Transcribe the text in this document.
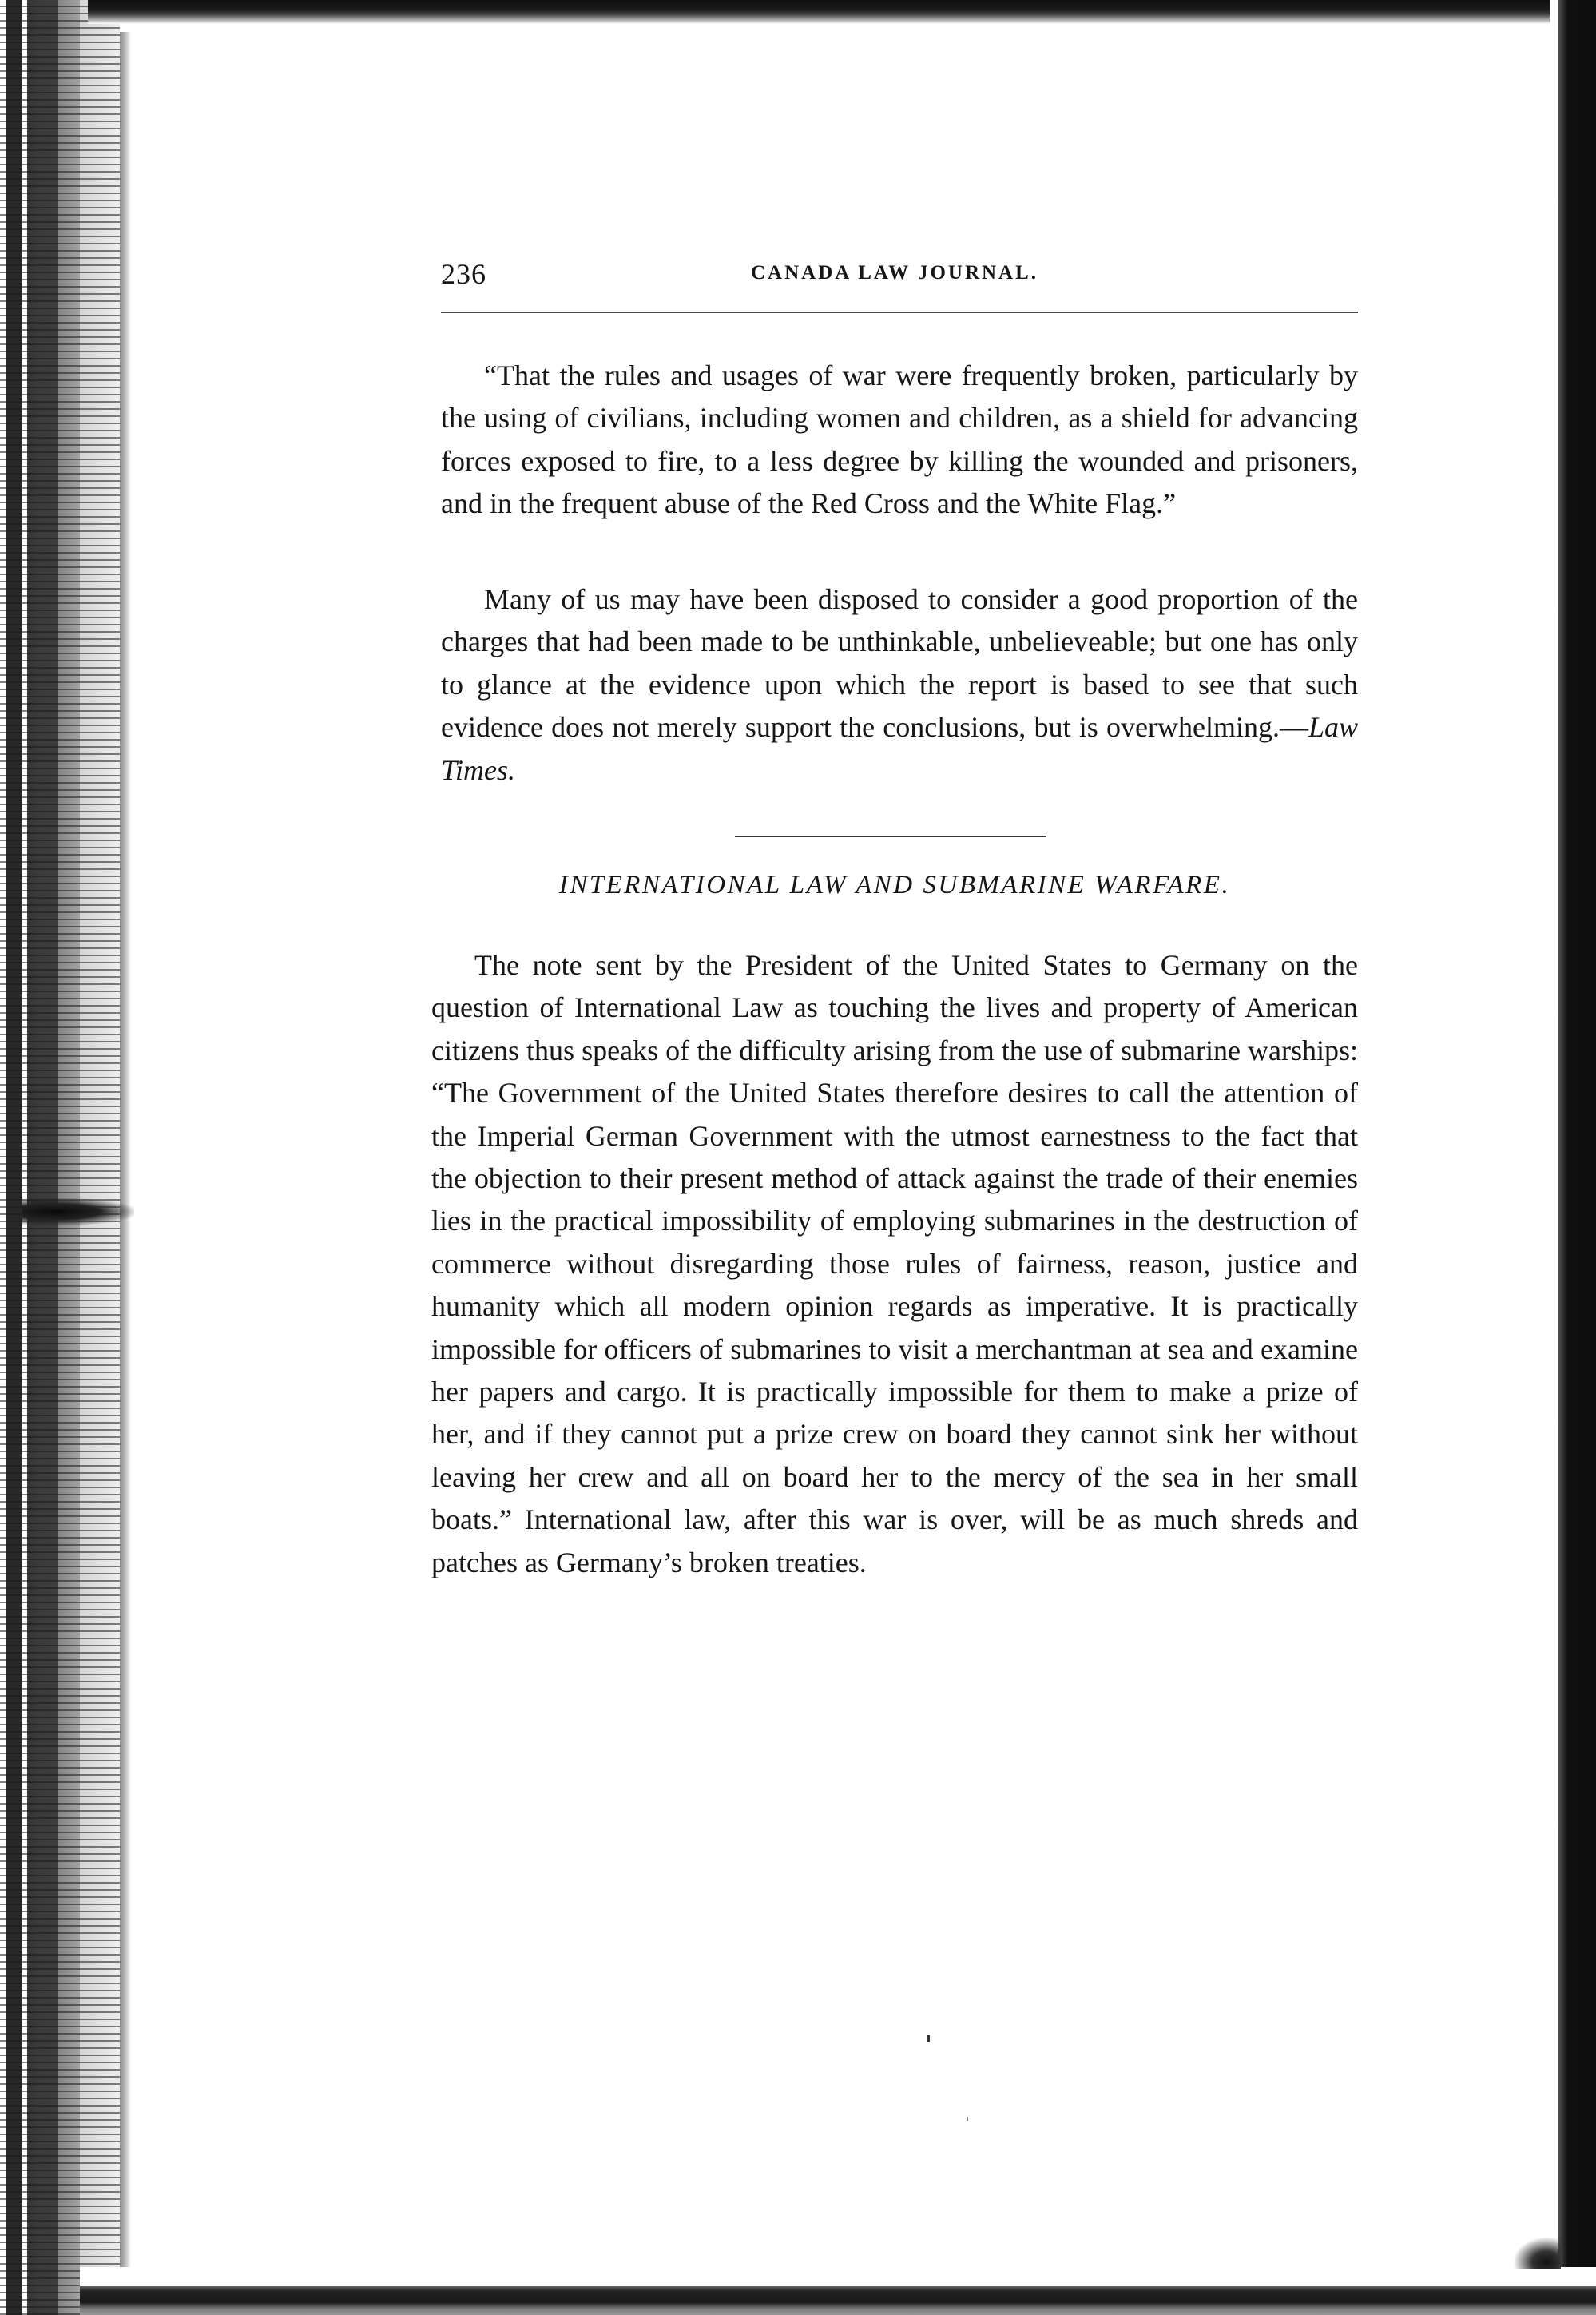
236	CANADA LAW JOURNAL.

“That the rules and usages of war were frequently broken, particularly by the using of civilians, including women and children, as a shield for advancing forces exposed to fire, to a less degree by killing the wounded and prisoners, and in the frequent abuse of the Red Cross and the White Flag.”

Many of us may have been disposed to consider a good proportion of the charges that had been made to be unthinkable, unbelieveable; but one has only to glance at the evidence upon which the report is based to see that such evidence does not merely support the conclusions, but is overwhelming.—Law Times.

INTERNATIONAL LAW AND SUBMARINE WARFARE.

The note sent by the President of the United States to Germany on the question of International Law as touching the lives and property of American citizens thus speaks of the difficulty arising from the use of submarine warships: “The Government of the United States therefore desires to call the attention of the Imperial German Government with the utmost earnestness to the fact that the objection to their present method of attack against the trade of their enemies lies in the practical impossibility of employing submarines in the destruction of commerce without disregarding those rules of fairness, reason, justice and humanity which all modern opinion regards as imperative. It is practically impossible for officers of submarines to visit a merchantman at sea and examine her papers and cargo. It is practically impossible for them to make a prize of her, and if they cannot put a prize crew on board they cannot sink her without leaving her crew and all on board her to the mercy of the sea in her small boats.” International law, after this war is over, will be as much shreds and patches as Germany’s broken treaties.
